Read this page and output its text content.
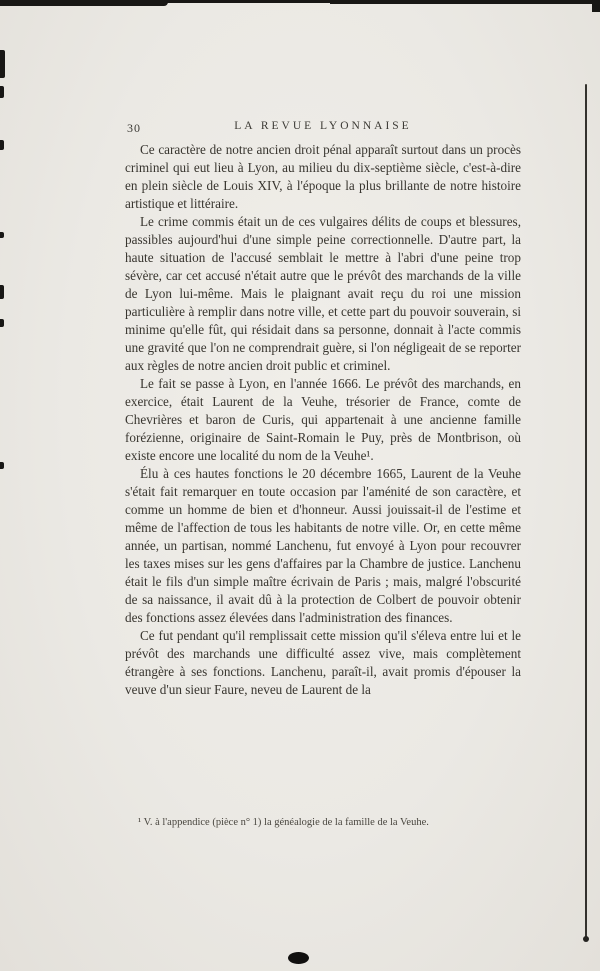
30	LA REVUE LYONNAISE

Ce caractère de notre ancien droit pénal apparaît surtout dans un procès criminel qui eut lieu à Lyon, au milieu du dix-septième siècle, c'est-à-dire en plein siècle de Louis XIV, à l'époque la plus brillante de notre histoire artistique et littéraire.

Le crime commis était un de ces vulgaires délits de coups et blessures, passibles aujourd'hui d'une simple peine correctionnelle. D'autre part, la haute situation de l'accusé semblait le mettre à l'abri d'une peine trop sévère, car cet accusé n'était autre que le prévôt des marchands de la ville de Lyon lui-même. Mais le plaignant avait reçu du roi une mission particulière à remplir dans notre ville, et cette part du pouvoir souverain, si minime qu'elle fût, qui résidait dans sa personne, donnait à l'acte commis une gravité que l'on ne comprendrait guère, si l'on négligeait de se reporter aux règles de notre ancien droit public et criminel.

Le fait se passe à Lyon, en l'année 1666. Le prévôt des marchands, en exercice, était Laurent de la Veuhe, trésorier de France, comte de Chevrières et baron de Curis, qui appartenait à une ancienne famille forézienne, originaire de Saint-Romain le Puy, près de Montbrison, où existe encore une localité du nom de la Veuhe¹.

Élu à ces hautes fonctions le 20 décembre 1665, Laurent de la Veuhe s'était fait remarquer en toute occasion par l'aménité de son caractère, et comme un homme de bien et d'honneur. Aussi jouissait-il de l'estime et même de l'affection de tous les habitants de notre ville. Or, en cette même année, un partisan, nommé Lanchenu, fut envoyé à Lyon pour recouvrer les taxes mises sur les gens d'affaires par la Chambre de justice. Lanchenu était le fils d'un simple maître écrivain de Paris ; mais, malgré l'obscurité de sa naissance, il avait dû à la protection de Colbert de pouvoir obtenir des fonctions assez élevées dans l'administration des finances.

Ce fut pendant qu'il remplissait cette mission qu'il s'éleva entre lui et le prévôt des marchands une difficulté assez vive, mais complètement étrangère à ses fonctions. Lanchenu, paraît-il, avait promis d'épouser la veuve d'un sieur Faure, neveu de Laurent de la

¹ V. à l'appendice (pièce n° 1) la généalogie de la famille de la Veuhe.
